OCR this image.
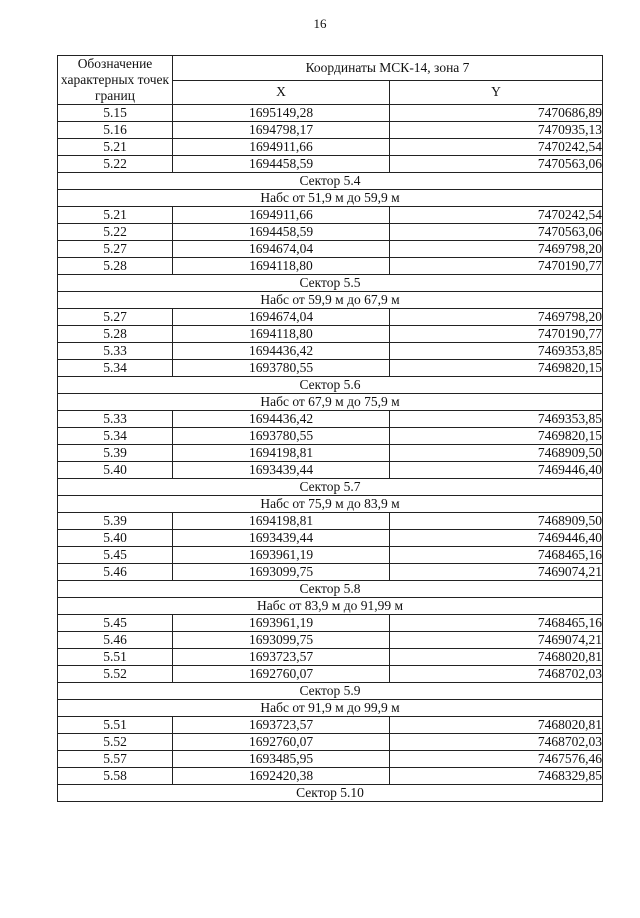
16
Обозначение характерных точек границ	Координаты МСК-14, зона 7	
	X	Y
5.15	1695149,28	7470686,89
5.16	1694798,17	7470935,13
5.21	1694911,66	7470242,54
5.22	1694458,59	7470563,06
Сектор 5.4		
Набс от 51,9 м до 59,9 м		
5.21	1694911,66	7470242,54
5.22	1694458,59	7470563,06
5.27	1694674,04	7469798,20
5.28	1694118,80	7470190,77
Сектор 5.5		
Набс от 59,9 м до 67,9 м		
5.27	1694674,04	7469798,20
5.28	1694118,80	7470190,77
5.33	1694436,42	7469353,85
5.34	1693780,55	7469820,15
Сектор 5.6		
Набс от 67,9 м до 75,9 м		
5.33	1694436,42	7469353,85
5.34	1693780,55	7469820,15
5.39	1694198,81	7468909,50
5.40	1693439,44	7469446,40
Сектор 5.7		
Набс от 75,9 м до 83,9 м		
5.39	1694198,81	7468909,50
5.40	1693439,44	7469446,40
5.45	1693961,19	7468465,16
5.46	1693099,75	7469074,21
Сектор 5.8		
Набс от 83,9 м до 91,99 м		
5.45	1693961,19	7468465,16
5.46	1693099,75	7469074,21
5.51	1693723,57	7468020,81
5.52	1692760,07	7468702,03
Сектор 5.9		
Набс от 91,9 м до 99,9 м		
5.51	1693723,57	7468020,81
5.52	1692760,07	7468702,03
5.57	1693485,95	7467576,46
5.58	1692420,38	7468329,85
Сектор 5.10		
